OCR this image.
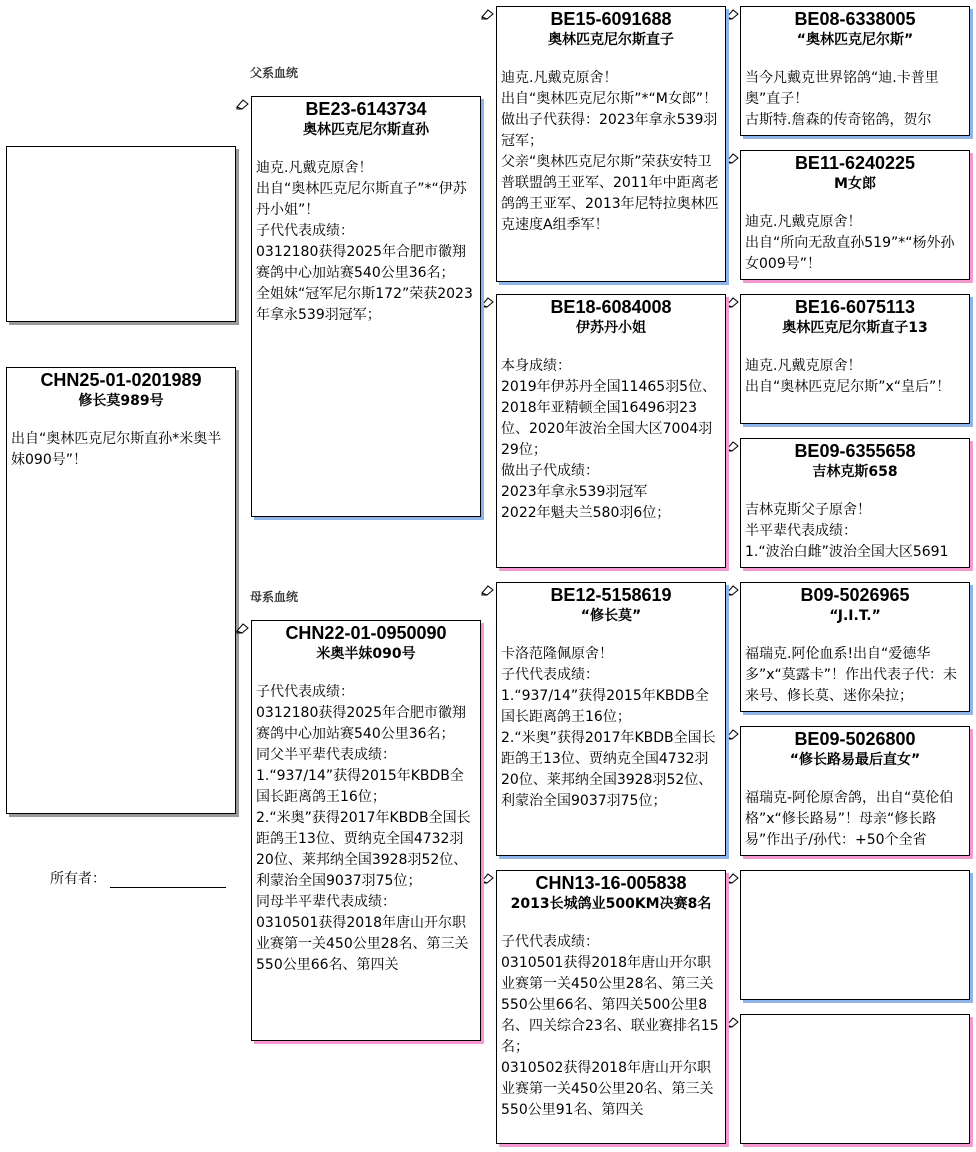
CHN25-01-0201989
修长莫989号
出自“奥林匹克尼尔斯直孙*米奥半妹090号”！
所有者：
父系血统
母系血统
BE23-6143734
奥林匹克尼尔斯直孙
迪克.凡戴克原舍！
出自“奥林匹克尼尔斯直子”*“伊苏丹小姐”！
子代代表成绩：
0312180获得2025年合肥市徽翔赛鸽中心加站赛540公里36名；
全姐妹“冠军尼尔斯172”荣获2023年拿永539羽冠军；
CHN22-01-0950090
米奥半妹090号
子代代表成绩：
0312180获得2025年合肥市徽翔赛鸽中心加站赛540公里36名；
同父半平辈代表成绩：
1.“937/14”获得2015年KBDB全国长距离鸽王16位；
2.“米奥”获得2017年KBDB全国长距鸽王13位、贾纳克全国4732羽20位、莱邦纳全国3928羽52位、利蒙治全国9037羽75位；
同母半平辈代表成绩：
0310501获得2018年唐山开尔职业赛第一关450公里28名、第三关550公里66名、第四关
BE15-6091688
奥林匹克尼尔斯直子
迪克.凡戴克原舍！
出自“奥林匹克尼尔斯”*“M女郎”！
做出子代获得：2023年拿永539羽冠军；
父亲“奥林匹克尼尔斯”荣获安特卫普联盟鸽王亚军、2011年中距离老鸽鸽王亚军、2013年尼特拉奥林匹克速度A组季军！
BE18-6084008
伊苏丹小姐
本身成绩：
2019年伊苏丹全国11465羽5位、2018年亚精顿全国16496羽23位、2020年波治全国大区7004羽29位；
做出子代成绩：
2023年拿永539羽冠军
2022年魁夫兰580羽6位；
BE12-5158619
“修长莫”
卡洛范隆佩原舍！
子代代表成绩：
1.“937/14”获得2015年KBDB全国长距离鸽王16位；
2.“米奥”获得2017年KBDB全国长距鸽王13位、贾纳克全国4732羽20位、莱邦纳全国3928羽52位、利蒙治全国9037羽75位；
CHN13-16-005838
2013长城鸽业500KM决赛8名
子代代表成绩：
0310501获得2018年唐山开尔职业赛第一关450公里28名、第三关550公里66名、第四关500公里8名、四关综合23名、联业赛排名15名；
0310502获得2018年唐山开尔职业赛第一关450公里20名、第三关550公里91名、第四关
BE08-6338005
“奥林匹克尼尔斯”
当今凡戴克世界铭鸽“迪.卡普里奥”直子！
古斯特.詹森的传奇铭鸽，贺尔
BE11-6240225
M女郎
迪克.凡戴克原舍！
出自“所向无敌直孙519”*“杨外孙女009号”！
BE16-6075113
奥林匹克尼尔斯直子13
迪克.凡戴克原舍！
出自“奥林匹克尼尔斯”x“皇后”！
BE09-6355658
吉林克斯658
吉林克斯父子原舍！
半平辈代表成绩：
1.“波治白雌”波治全国大区5691
B09-5026965
“J.I.T.”
福瑞克.阿伦血系!出自“爱德华多”x“莫露卡”！作出代表子代：未来号、修长莫、迷你朵拉；
BE09-5026800
“修长路易最后直女”
福瑞克-阿伦原舍鸽，出自“莫伦伯格”x“修长路易”！母亲“修长路易”作出子/孙代：+50个全省
